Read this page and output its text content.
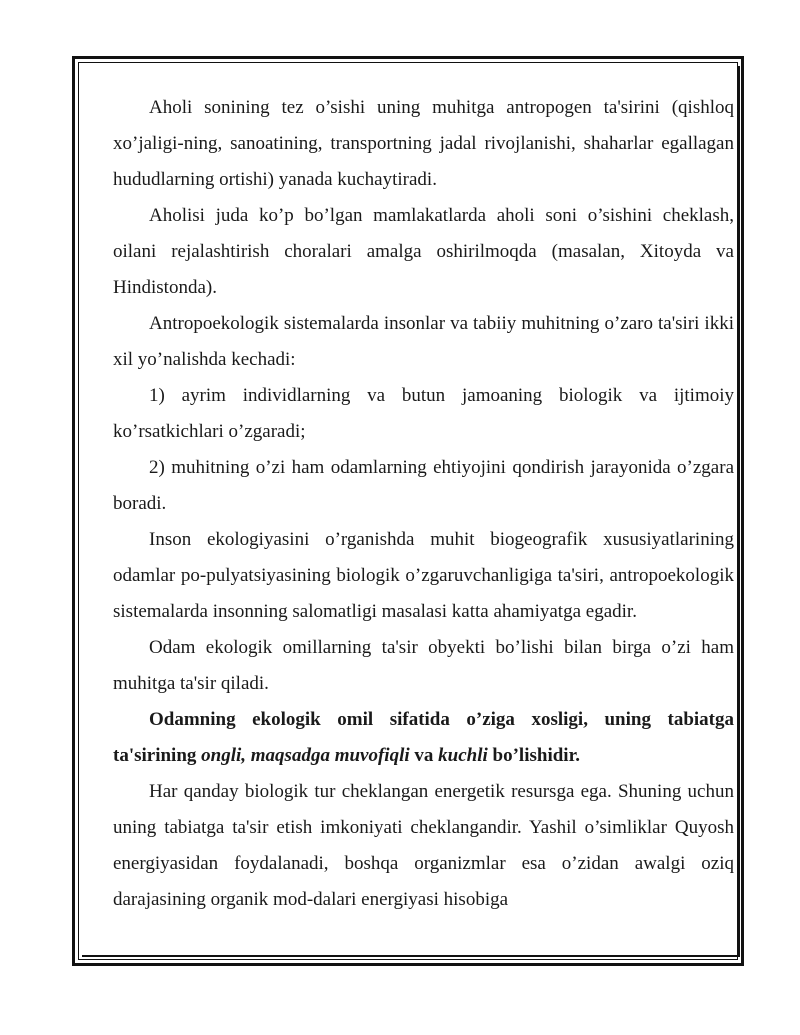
Aholi sonining tez o’sishi uning muhitga antropogen ta'sirini (qishloq xo’jaligi-ning, sanoatining, transportning jadal rivojlanishi, shaharlar egallagan hududlarning ortishi) yanada kuchaytiradi.

Aholisi juda ko’p bo’lgan mamlakatlarda aholi soni o’sishini cheklash, oilani rejalashtirish choralari amalga oshirilmoqda (masalan, Xitoyda va Hindistonda).

Antropoekologik sistemalarda insonlar va tabiiy muhitning o’zaro ta'siri ikki xil yo’nalishda kechadi:

1) ayrim individlarning va butun jamoaning biologik va ijtimoiy ko’rsatkichlari o’zgaradi;

2) muhitning o’zi ham odamlarning ehtiyojini qondirish jarayonida o’zgara boradi.

Inson ekologiyasini o’rganishda muhit biogeografik xususiyatlarining odamlar po-pulyatsiyasining biologik o’zgaruvchanligiga ta'siri, antropoekologik sistemalarda insonning salomatligi masalasi katta ahamiyatga egadir.

Odam ekologik omillarning ta'sir obyekti bo’lishi bilan birga o’zi ham muhitga ta'sir qiladi.

Odamning ekologik omil sifatida o’ziga xosligi, uning tabiatga ta'sirining ongli, maqsadga muvofiqli va kuchli bo’lishidir.

Har qanday biologik tur cheklangan energetik resursga ega. Shuning uchun uning tabiatga ta'sir etish imkoniyati cheklangandir. Yashil o’simliklar Quyosh energiyasidan foydalanadi, boshqa organizmlar esa o’zidan awalgi oziq darajasining organik mod-dalari energiyasi hisobiga
